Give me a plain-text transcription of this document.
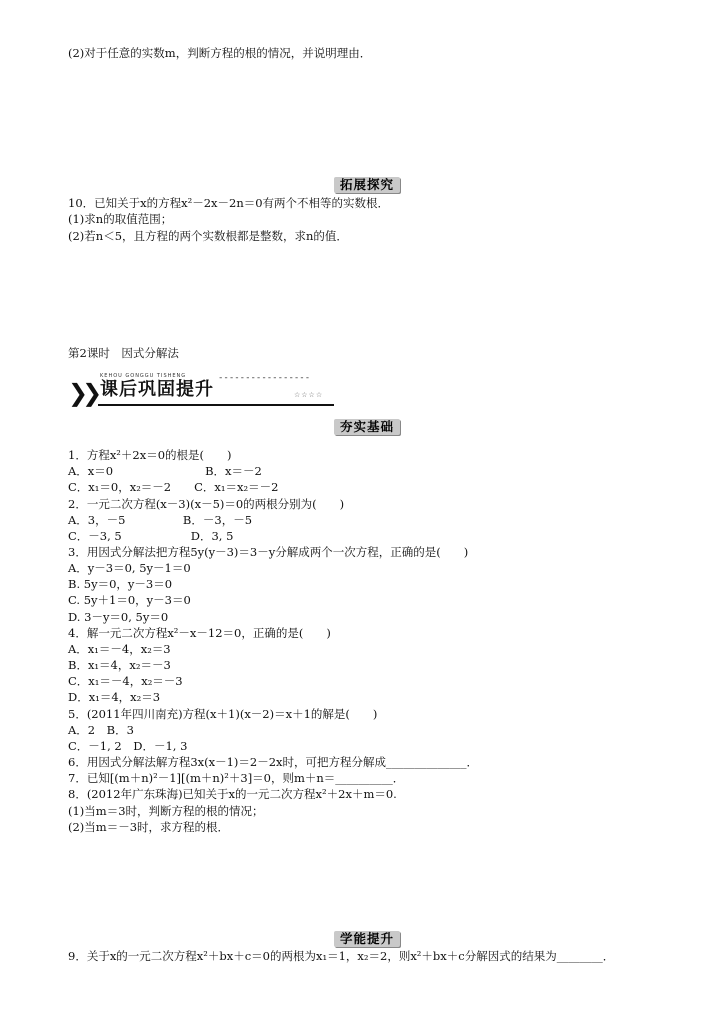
(2)对于任意的实数m，判断方程的根的情况，并说明理由．
拓展探究
10．已知关于x的方程x²－2x－2n＝0有两个不相等的实数根．
(1)求n的取值范围；
(2)若n＜5，且方程的两个实数根都是整数，求n的值．
第2课时　因式分解法
❯❯
KEHOU GONGGU TISHENG	-----------------
课后巩固提升	☆☆☆☆
夯实基础
1．方程x²＋2x＝0的根是(　　)
A．x＝0　　　　　　　　B．x＝－2
C．x₁＝0，x₂＝－2　　C．x₁＝x₂＝－2
2．一元二次方程(x－3)(x－5)＝0的两根分别为(　　)
A．3，－5　　　　　B．－3，－5
C．－3, 5　　　　　　D．3, 5
3．用因式分解法把方程5y(y－3)＝3－y分解成两个一次方程，正确的是(　　)
A．y－3＝0, 5y－1＝0
B. 5y＝0，y－3＝0
C. 5y＋1＝0，y－3＝0
D. 3－y＝0, 5y＝0
4．解一元二次方程x²－x－12＝0，正确的是(　　)
A．x₁＝－4，x₂＝3
B．x₁＝4，x₂＝－3
C．x₁＝－4，x₂＝－3
D．x₁＝4，x₂＝3
5．(2011年四川南充)方程(x＋1)(x－2)＝x＋1的解是(　　)
A．2　B．3
C．－1, 2　D．－1, 3
6．用因式分解法解方程3x(x－1)＝2－2x时，可把方程分解成______________．
7．已知[(m＋n)²－1][(m＋n)²＋3]＝0，则m＋n＝__________．
8．(2012年广东珠海)已知关于x的一元二次方程x²＋2x＋m＝0.
(1)当m＝3时，判断方程的根的情况；
(2)当m＝－3时，求方程的根．
学能提升
9．关于x的一元二次方程x²＋bx＋c＝0的两根为x₁＝1，x₂＝2，则x²＋bx＋c分解因式的结果为________．
